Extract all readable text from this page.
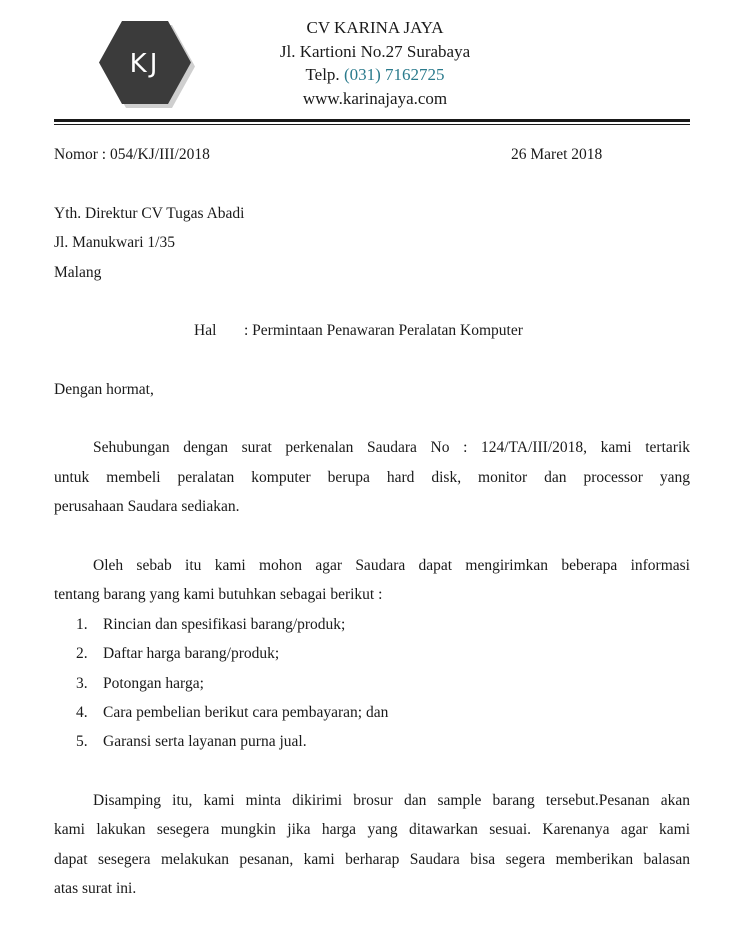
KJ
CV KARINA JAYA
Jl. Kartioni No.27 Surabaya
Telp. (031) 7162725
www.karinajaya.com
Nomor : 054/KJ/III/2018	26 Maret 2018
Yth. Direktur CV Tugas Abadi
Jl. Manukwari 1/35
Malang
Hal : Permintaan Penawaran Peralatan Komputer
Dengan hormat,
Sehubungan dengan surat perkenalan Saudara No : 124/TA/III/2018, kami tertarik
untuk membeli peralatan komputer berupa hard disk, monitor dan processor yang
perusahaan Saudara sediakan.
Oleh sebab itu kami mohon agar Saudara dapat mengirimkan beberapa informasi
tentang barang yang kami butuhkan sebagai berikut :
1. Rincian dan spesifikasi barang/produk;
2. Daftar harga barang/produk;
3. Potongan harga;
4. Cara pembelian berikut cara pembayaran; dan
5. Garansi serta layanan purna jual.
Disamping itu, kami minta dikirimi brosur dan sample barang tersebut.Pesanan akan
kami lakukan sesegera mungkin jika harga yang ditawarkan sesuai. Karenanya agar kami
dapat sesegera melakukan pesanan, kami berharap Saudara bisa segera memberikan balasan
atas surat ini.
